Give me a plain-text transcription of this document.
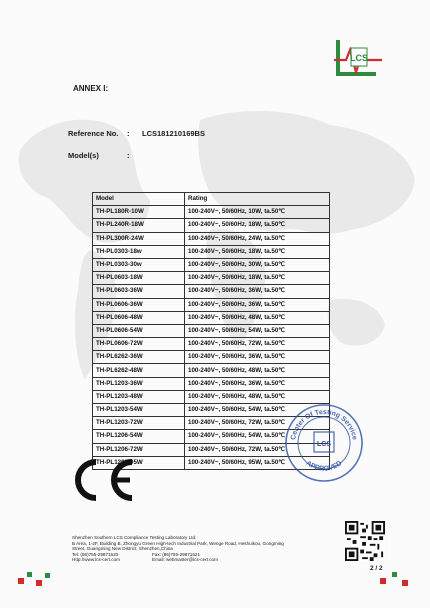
LCS
ANNEX I:
Reference No. : LCS181210169BS
Model(s)	:
Model	Rating
TH-PL180R-10W	100-240V~, 50/60Hz, 10W, ta.50℃
TH-PL240R-18W	100-240V~, 50/60Hz, 18W, ta.50℃
TH-PL300R-24W	100-240V~, 50/60Hz, 24W, ta.50℃
TH-PL0303-18w	100-240V~, 50/60Hz, 18W, ta.50℃
TH-PL0303-30w	100-240V~, 50/60Hz, 30W, ta.50℃
TH-PL0603-18W	100-240V~, 50/60Hz, 18W, ta.50℃
TH-PL0603-36W	100-240V~, 50/60Hz, 36W, ta.50℃
TH-PL0606-36W	100-240V~, 50/60Hz, 36W, ta.50℃
TH-PL0606-48W	100-240V~, 50/60Hz, 48W, ta.50℃
TH-PL0606-54W	100-240V~, 50/60Hz, 54W, ta.50℃
TH-PL0606-72W	100-240V~, 50/60Hz, 72W, ta.50℃
TH-PL6262-36W	100-240V~, 50/60Hz, 36W, ta.50℃
TH-PL6262-48W	100-240V~, 50/60Hz, 48W, ta.50℃
TH-PL1203-36W	100-240V~, 50/60Hz, 36W, ta.50℃
TH-PL1203-48W	100-240V~, 50/60Hz, 48W, ta.50℃
TH-PL1203-54W	100-240V~, 50/60Hz, 54W, ta.50℃
TH-PL1203-72W	100-240V~, 50/60Hz, 72W, ta.50℃
TH-PL1206-54W	100-240V~, 50/60Hz, 54W, ta.50℃
TH-PL1206-72W	100-240V~, 50/60Hz, 72W, ta.50℃
TH-PL1206-95W	100-240V~, 50/60Hz, 95W, ta.50℃
Center Of Testing Service
APPROVED
LCS
Shenzhen Southern LCS Compliance Testing Laboratory Ltd.
B Area, 1-2F, Building B, Zhongyu Green High-tech Industrial Park, Wenge Road, Heshuikou, Gongming
Street, Guangming New District, Shenzhen,China
Tel: (86)755-29871520	Fax: (86)755-29871521
Http://www.lcs-cert.com	Email: webmaster@lcs-cert.com
2 / 2
